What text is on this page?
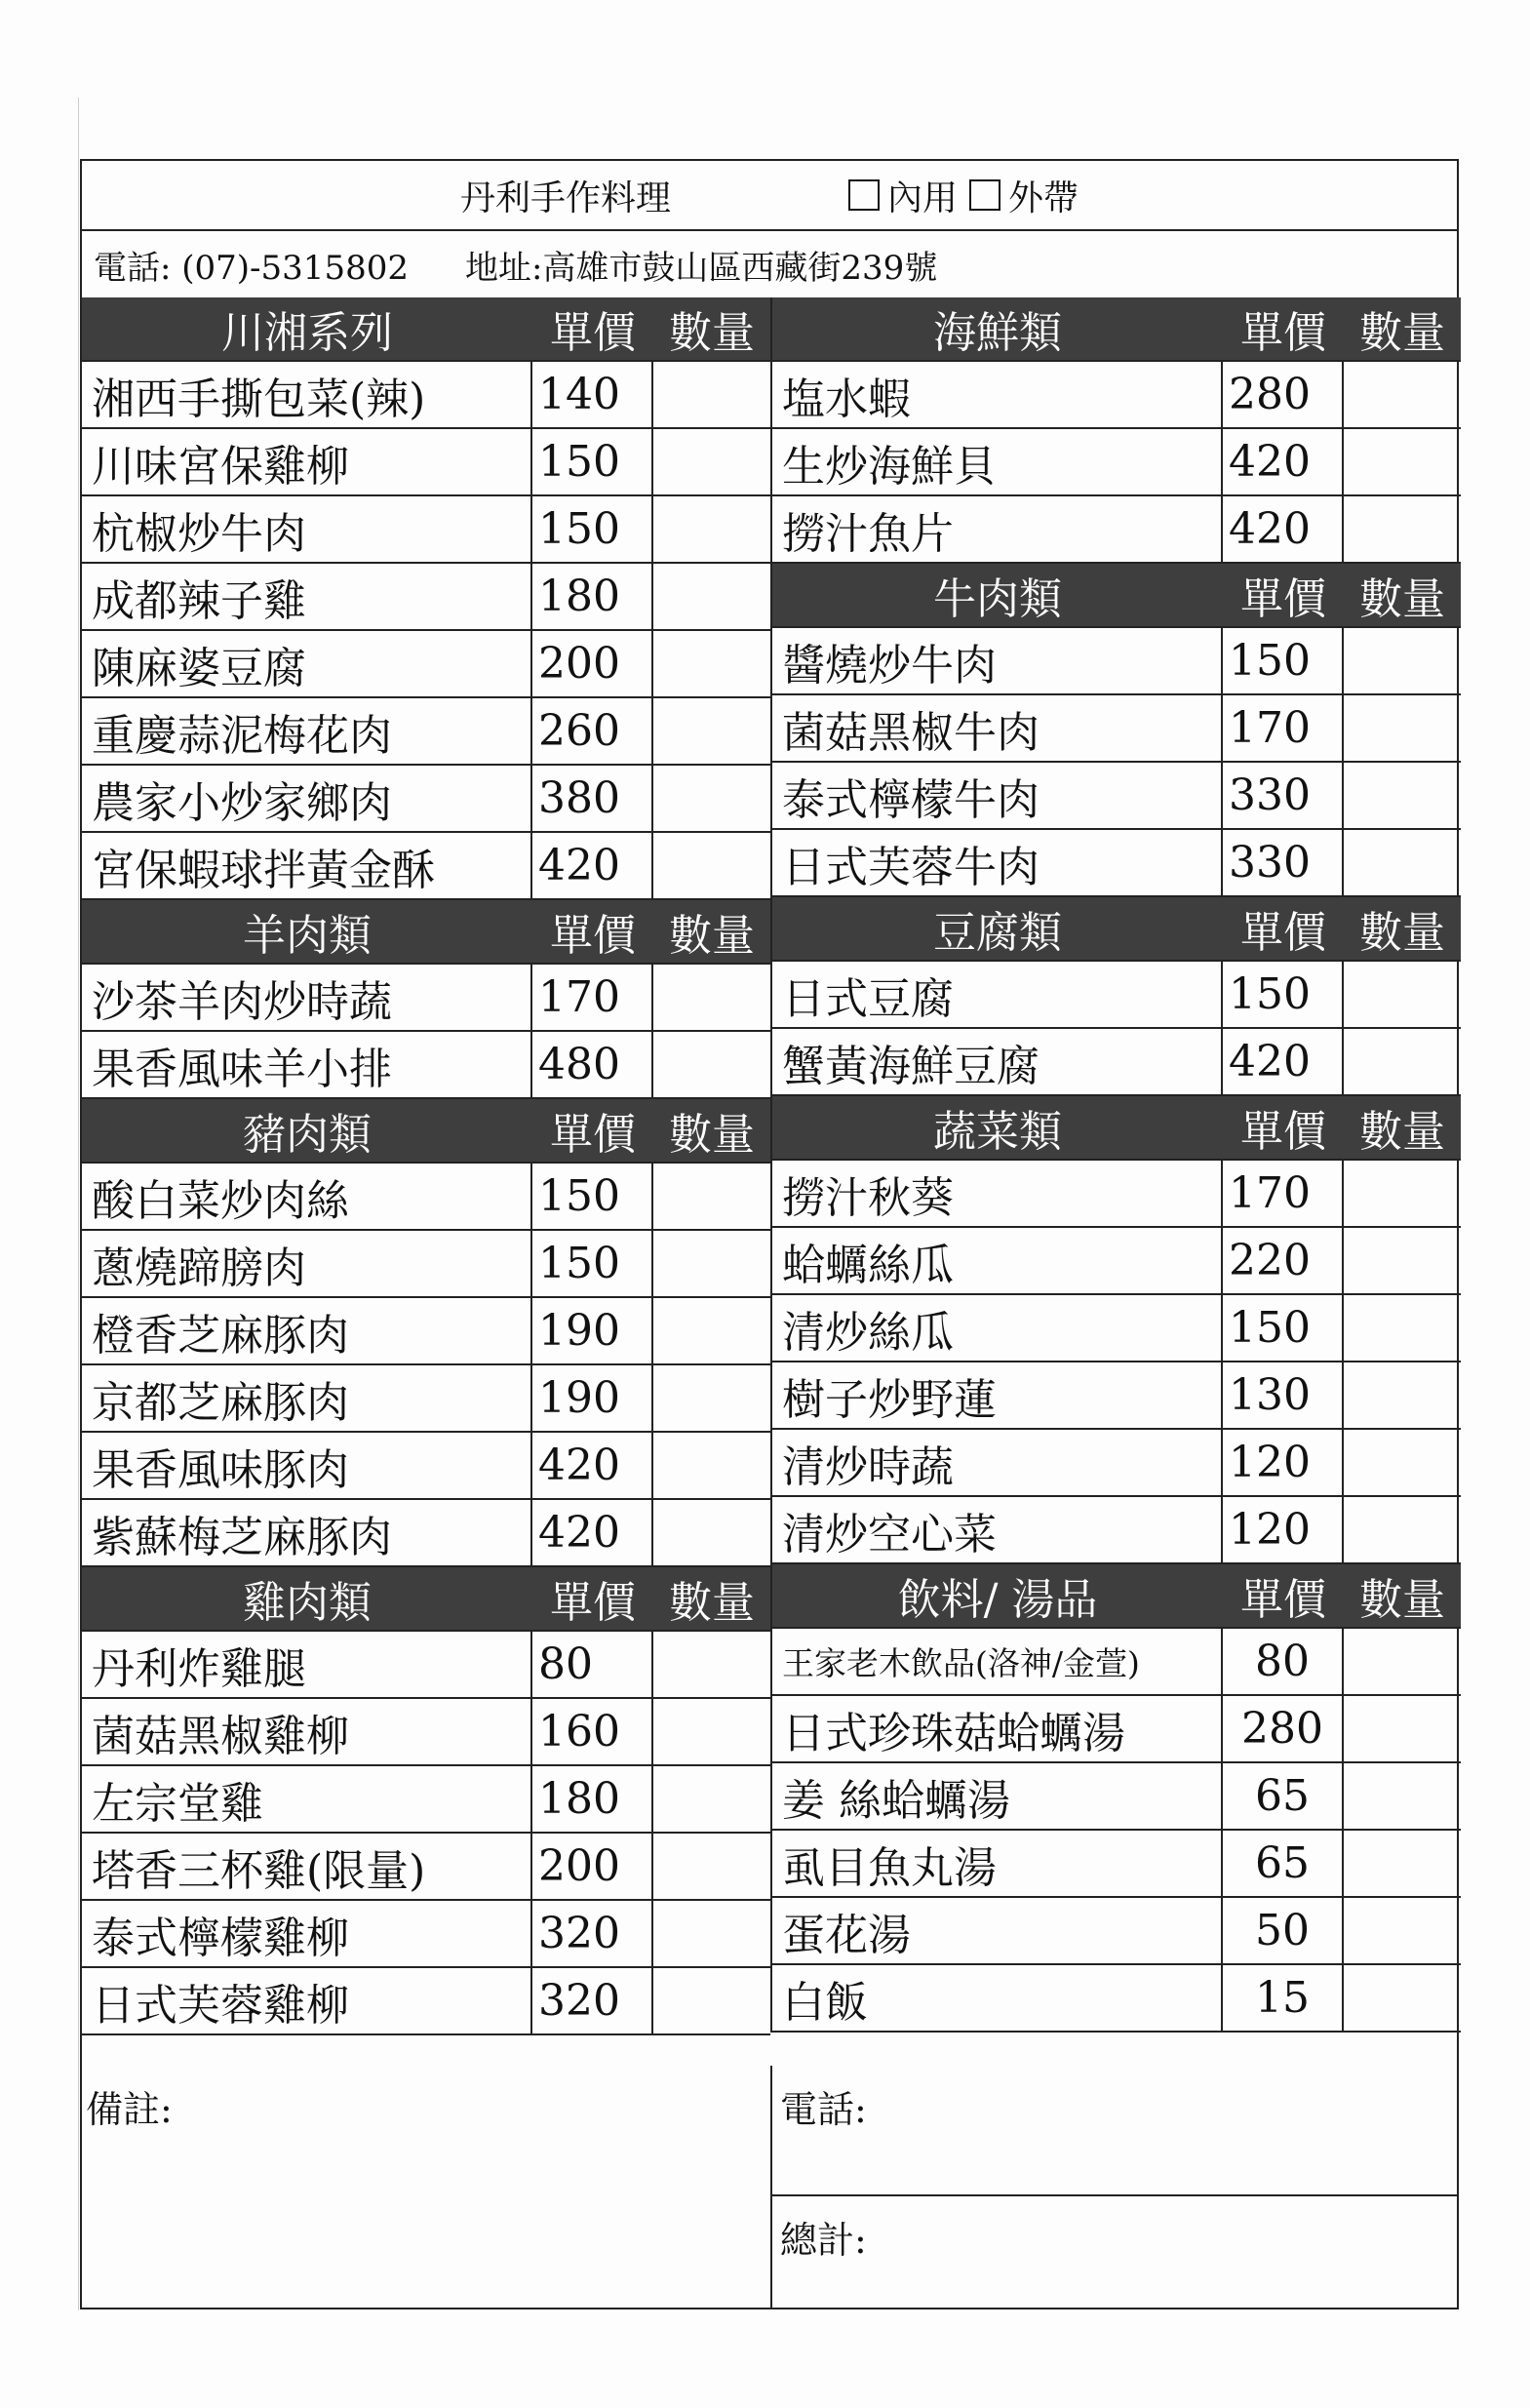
丹利手作料理	內用 外帶
電話: (07)-5315802 地址:高雄市鼓山區西藏街239號
川湘系列	單價 數量
湘西手撕包菜(辣)	140
川味宮保雞柳	150
杭椒炒牛肉	150
成都辣子雞	180
陳麻婆豆腐	200
重慶蒜泥梅花肉	260
農家小炒家鄉肉	380
宮保蝦球拌黃金酥	420
羊肉類	單價 數量
沙茶羊肉炒時蔬	170
果香風味羊小排	480
豬肉類	單價 數量
酸白菜炒肉絲	150
蔥燒蹄膀肉	150
橙香芝麻豚肉	190
京都芝麻豚肉	190
果香風味豚肉	420
紫蘇梅芝麻豚肉	420
雞肉類	單價 數量
丹利炸雞腿	80
菌菇黑椒雞柳	160
左宗堂雞	180
塔香三杯雞(限量)	200
泰式檸檬雞柳	320
日式芙蓉雞柳	320
海鮮類	單價 數量
塩水蝦	280
生炒海鮮貝	420
撈汁魚片	420
牛肉類	單價 數量
醬燒炒牛肉	150
菌菇黑椒牛肉	170
泰式檸檬牛肉	330
日式芙蓉牛肉	330
豆腐類	單價 數量
日式豆腐	150
蟹黃海鮮豆腐	420
蔬菜類	單價 數量
撈汁秋葵	170
蛤蠣絲瓜	220
清炒絲瓜	150
樹子炒野蓮	130
清炒時蔬	120
清炒空心菜	120
飲料/ 湯品	單價 數量
王家老木飲品(洛神/金萱)	80
日式珍珠菇蛤蠣湯	280
姜 絲蛤蠣湯	65
虱目魚丸湯	65
蛋花湯	50
白飯	15
備註:	電話:
總計:
